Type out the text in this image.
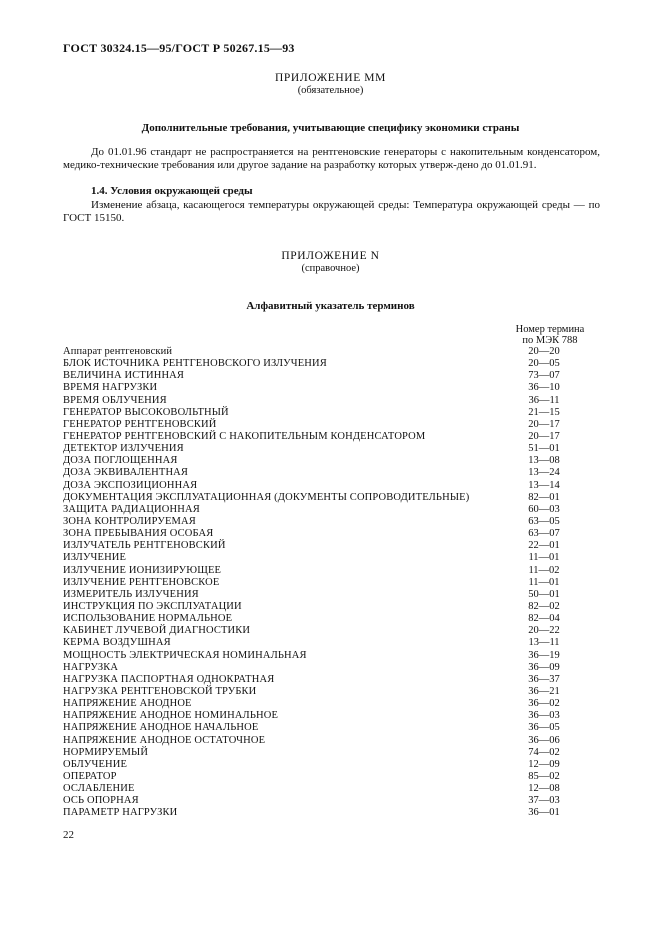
ГОСТ 30324.15—95/ГОСТ Р 50267.15—93
ПРИЛОЖЕНИЕ ММ
(обязательное)
Дополнительные требования, учитывающие специфику экономики страны
До 01.01.96 стандарт не распространяется на рентгеновские генераторы с накопительным конденсатором, медико-технические требования или другое задание на разработку которых утверж-дено до 01.01.91.
1.4. Условия окружающей среды
Изменение абзаца, касающегося температуры окружающей среды: Температура окружающей среды — по ГОСТ 15150.
ПРИЛОЖЕНИЕ N
(справочное)
Алфавитный указатель терминов
Номер термина
по МЭК 788
Аппарат рентгеновский	20—20
БЛОК ИСТОЧНИКА РЕНТГЕНОВСКОГО ИЗЛУЧЕНИЯ	20—05
ВЕЛИЧИНА ИСТИННАЯ	73—07
ВРЕМЯ НАГРУЗКИ	36—10
ВРЕМЯ ОБЛУЧЕНИЯ	36—11
ГЕНЕРАТОР ВЫСОКОВОЛЬТНЫЙ	21—15
ГЕНЕРАТОР РЕНТГЕНОВСКИЙ	20—17
ГЕНЕРАТОР РЕНТГЕНОВСКИЙ С НАКОПИТЕЛЬНЫМ КОНДЕНСАТОРОМ	20—17
ДЕТЕКТОР ИЗЛУЧЕНИЯ	51—01
ДОЗА ПОГЛОЩЕННАЯ	13—08
ДОЗА ЭКВИВАЛЕНТНАЯ	13—24
ДОЗА ЭКСПОЗИЦИОННАЯ	13—14
ДОКУМЕНТАЦИЯ ЭКСПЛУАТАЦИОННАЯ (ДОКУМЕНТЫ СОПРОВОДИТЕЛЬНЫЕ)	82—01
ЗАЩИТА РАДИАЦИОННАЯ	60—03
ЗОНА КОНТРОЛИРУЕМАЯ	63—05
ЗОНА ПРЕБЫВАНИЯ ОСОБАЯ	63—07
ИЗЛУЧАТЕЛЬ РЕНТГЕНОВСКИЙ	22—01
ИЗЛУЧЕНИЕ	11—01
ИЗЛУЧЕНИЕ ИОНИЗИРУЮЩЕЕ	11—02
ИЗЛУЧЕНИЕ РЕНТГЕНОВСКОЕ	11—01
ИЗМЕРИТЕЛЬ ИЗЛУЧЕНИЯ	50—01
ИНСТРУКЦИЯ ПО ЭКСПЛУАТАЦИИ	82—02
ИСПОЛЬЗОВАНИЕ НОРМАЛЬНОЕ	82—04
КАБИНЕТ ЛУЧЕВОЙ ДИАГНОСТИКИ	20—22
КЕРМА ВОЗДУШНАЯ	13—11
МОЩНОСТЬ ЭЛЕКТРИЧЕСКАЯ НОМИНАЛЬНАЯ	36—19
НАГРУЗКА	36—09
НАГРУЗКА ПАСПОРТНАЯ ОДНОКРАТНАЯ	36—37
НАГРУЗКА РЕНТГЕНОВСКОЙ ТРУБКИ	36—21
НАПРЯЖЕНИЕ АНОДНОЕ	36—02
НАПРЯЖЕНИЕ АНОДНОЕ НОМИНАЛЬНОЕ	36—03
НАПРЯЖЕНИЕ АНОДНОЕ НАЧАЛЬНОЕ	36—05
НАПРЯЖЕНИЕ АНОДНОЕ ОСТАТОЧНОЕ	36—06
НОРМИРУЕМЫЙ	74—02
ОБЛУЧЕНИЕ	12—09
ОПЕРАТОР	85—02
ОСЛАБЛЕНИЕ	12—08
ОСЬ ОПОРНАЯ	37—03
ПАРАМЕТР НАГРУЗКИ	36—01
22
